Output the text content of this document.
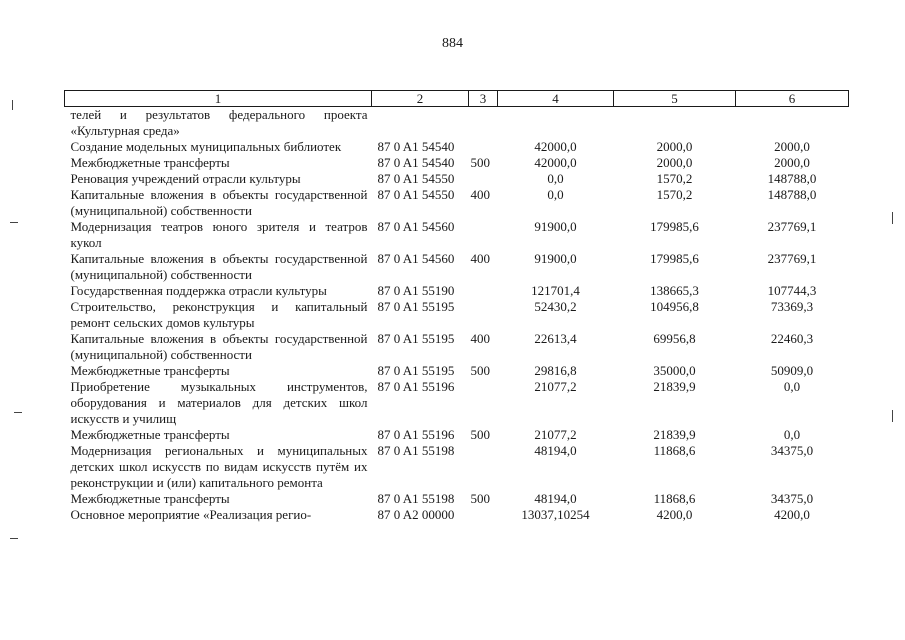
884
1	2	3	4	5	6
телей и результатов федерального проекта «Культурная среда»					
Создание модельных муниципальных библиотек	87 0 A1 54540		42000,0	2000,0	2000,0
Межбюджетные трансферты	87 0 A1 54540	500	42000,0	2000,0	2000,0
Реновация учреждений отрасли культуры	87 0 A1 54550		0,0	1570,2	148788,0
Капитальные вложения в объекты государственной (муниципальной) собственности	87 0 A1 54550	400	0,0	1570,2	148788,0
Модернизация театров юного зрителя и театров кукол	87 0 A1 54560		91900,0	179985,6	237769,1
Капитальные вложения в объекты государственной (муниципальной) собственности	87 0 A1 54560	400	91900,0	179985,6	237769,1
Государственная поддержка отрасли культуры	87 0 A1 55190		121701,4	138665,3	107744,3
Строительство, реконструкция и капитальный ремонт сельских домов культуры	87 0 A1 55195		52430,2	104956,8	73369,3
Капитальные вложения в объекты государственной (муниципальной) собственности	87 0 A1 55195	400	22613,4	69956,8	22460,3
Межбюджетные трансферты	87 0 A1 55195	500	29816,8	35000,0	50909,0
Приобретение музыкальных инструментов, оборудования и материалов для детских школ искусств и училищ	87 0 A1 55196		21077,2	21839,9	0,0
Межбюджетные трансферты	87 0 A1 55196	500	21077,2	21839,9	0,0
Модернизация региональных и муниципальных детских школ искусств по видам искусств путём их реконструкции и (или) капитального ремонта	87 0 A1 55198		48194,0	11868,6	34375,0
Межбюджетные трансферты	87 0 A1 55198	500	48194,0	11868,6	34375,0
Основное мероприятие «Реализация регио-	87 0 A2 00000		13037,10254	4200,0	4200,0
